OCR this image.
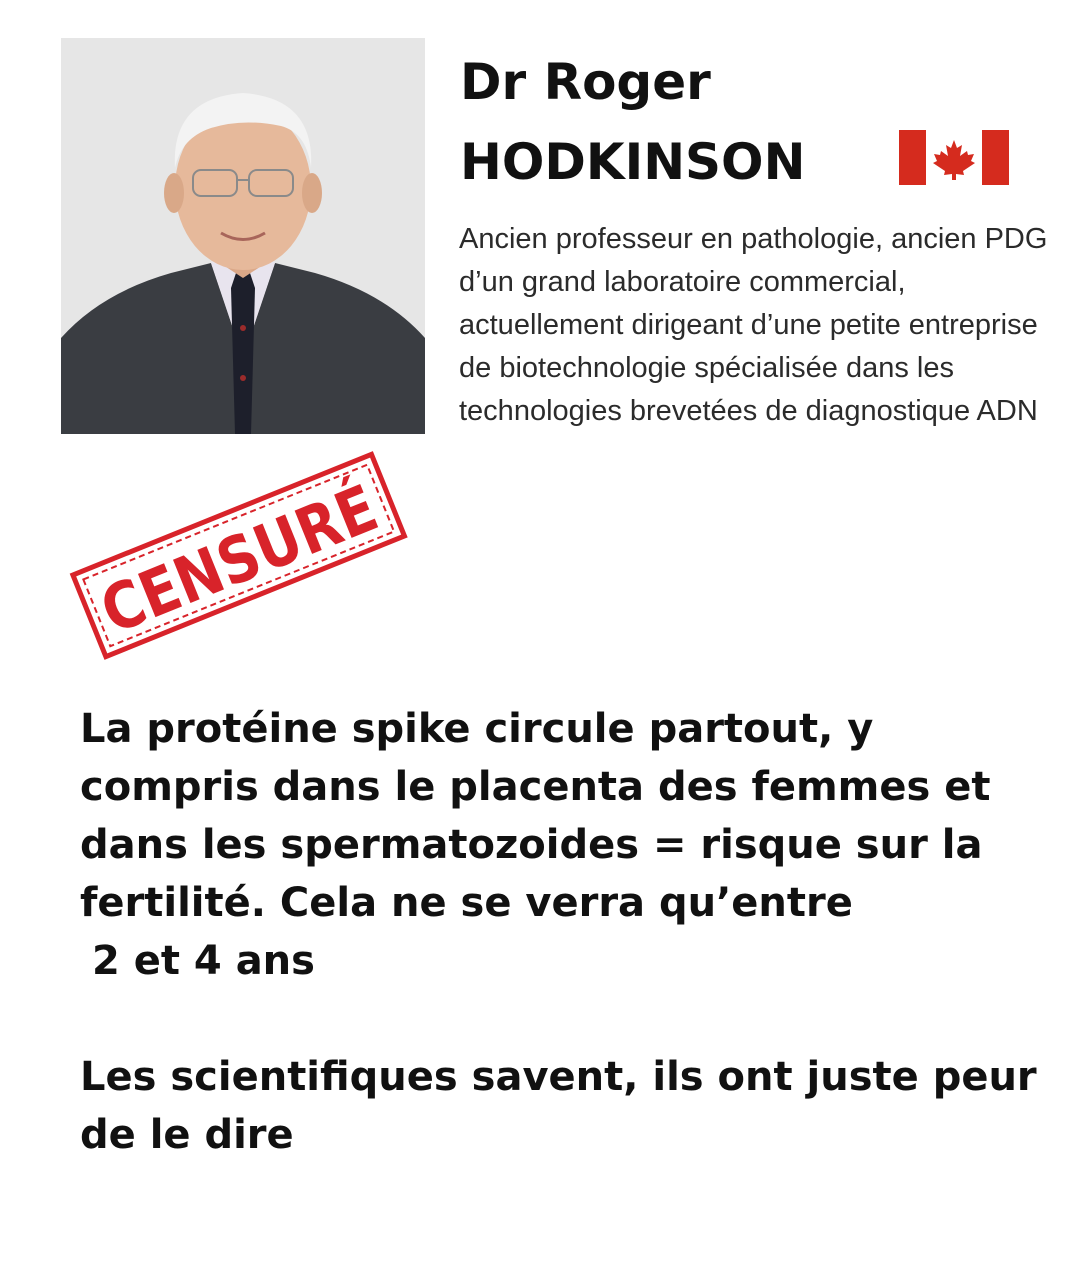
Dr Roger
HODKINSON

Ancien professeur en pathologie, ancien PDG d’un grand laboratoire commercial, actuellement dirigeant d’une petite entreprise de biotechnologie spécialisée dans les technologies brevetées de diagnostique ADN

CENSURÉ

La protéine spike circule partout, y compris dans le placenta des femmes et dans les spermatozoides = risque sur la fertilité. Cela ne se verra qu’entre

2 et 4 ans

Les scientifiques savent, ils ont juste peur de le dire
